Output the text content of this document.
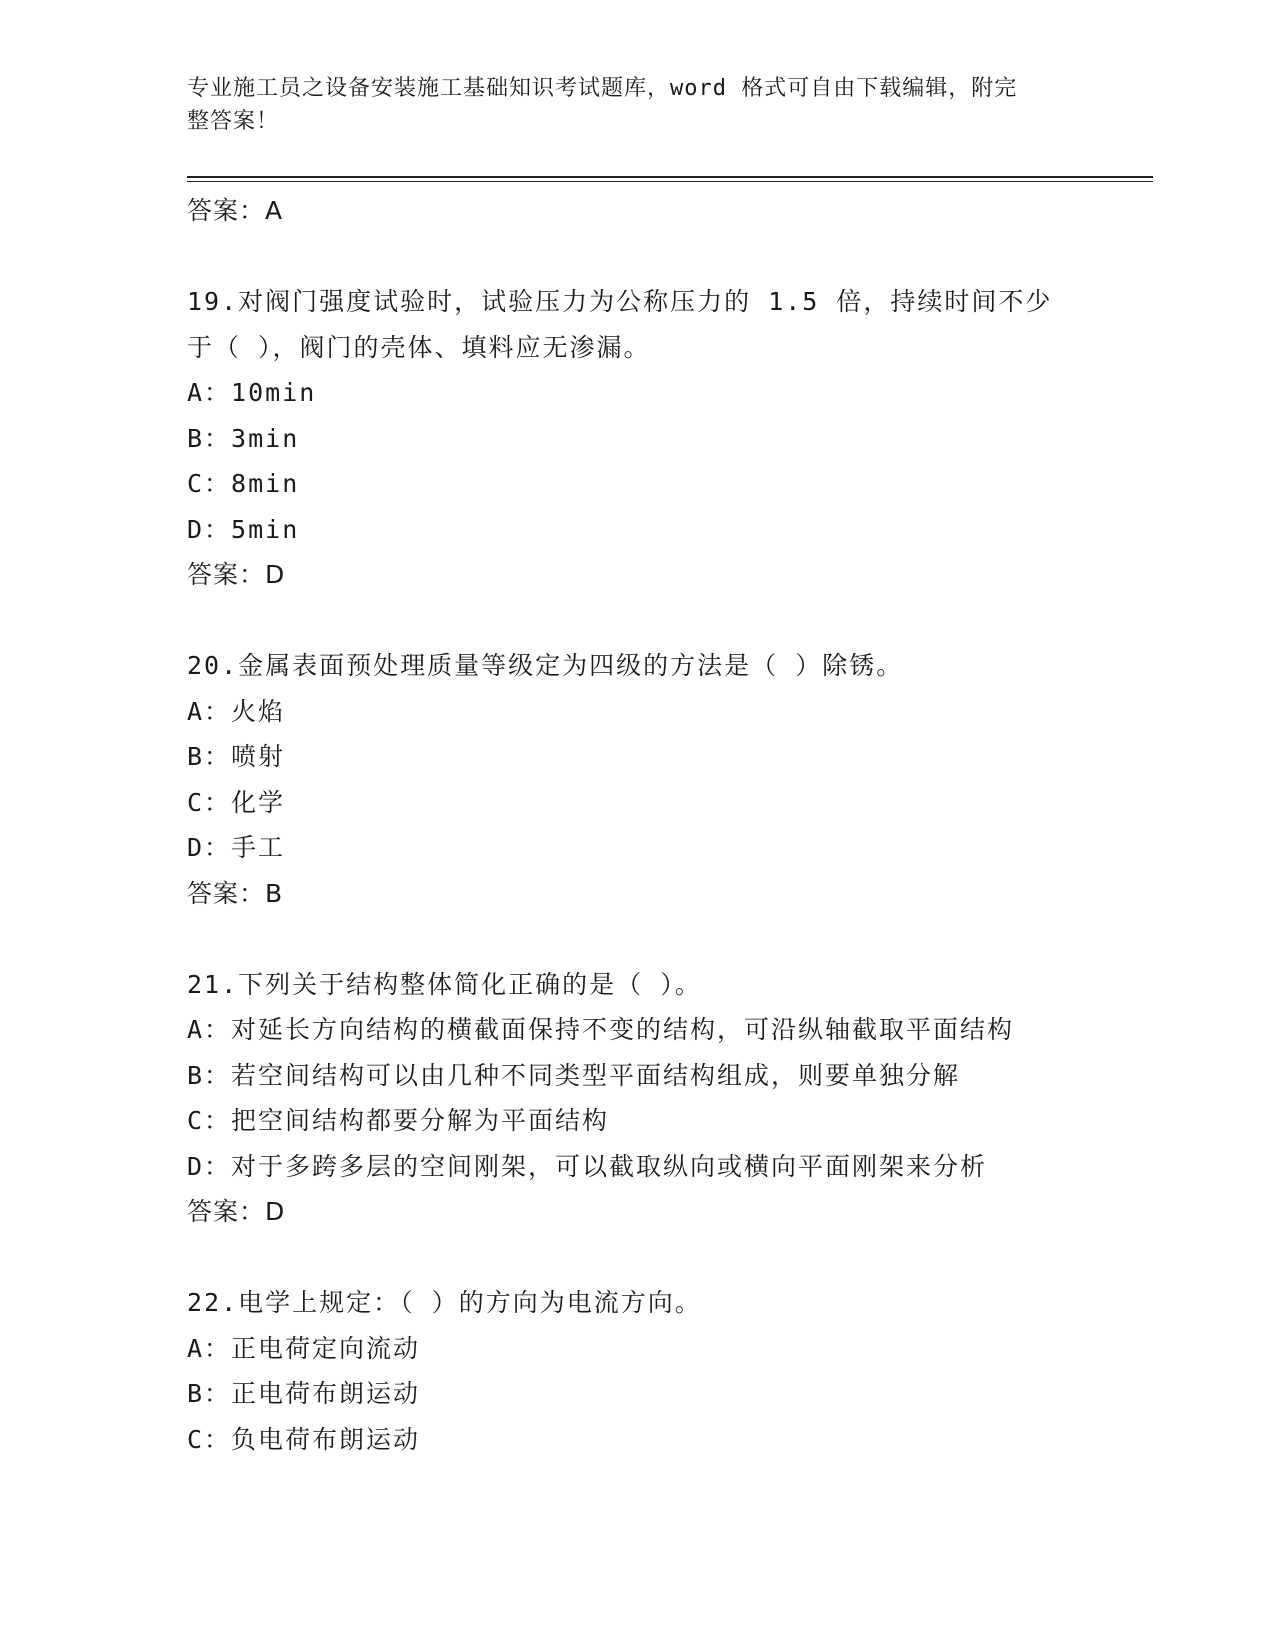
专业施工员之设备安装施工基础知识考试题库，word 格式可自由下载编辑，附完
整答案！
答案：A
19.对阀门强度试验时，试验压力为公称压力的 1.5 倍，持续时间不少
于（ ），阀门的壳体、填料应无渗漏。
A：10min
B：3min
C：8min
D：5min
答案：D
20.金属表面预处理质量等级定为四级的方法是（ ）除锈。
A：火焰
B：喷射
C：化学
D：手工
答案：B
21.下列关于结构整体简化正确的是（ ）。
A：对延长方向结构的横截面保持不变的结构，可沿纵轴截取平面结构
B：若空间结构可以由几种不同类型平面结构组成，则要单独分解
C：把空间结构都要分解为平面结构
D：对于多跨多层的空间刚架，可以截取纵向或横向平面刚架来分析
答案：D
22.电学上规定：（ ）的方向为电流方向。
A：正电荷定向流动
B：正电荷布朗运动
C：负电荷布朗运动
